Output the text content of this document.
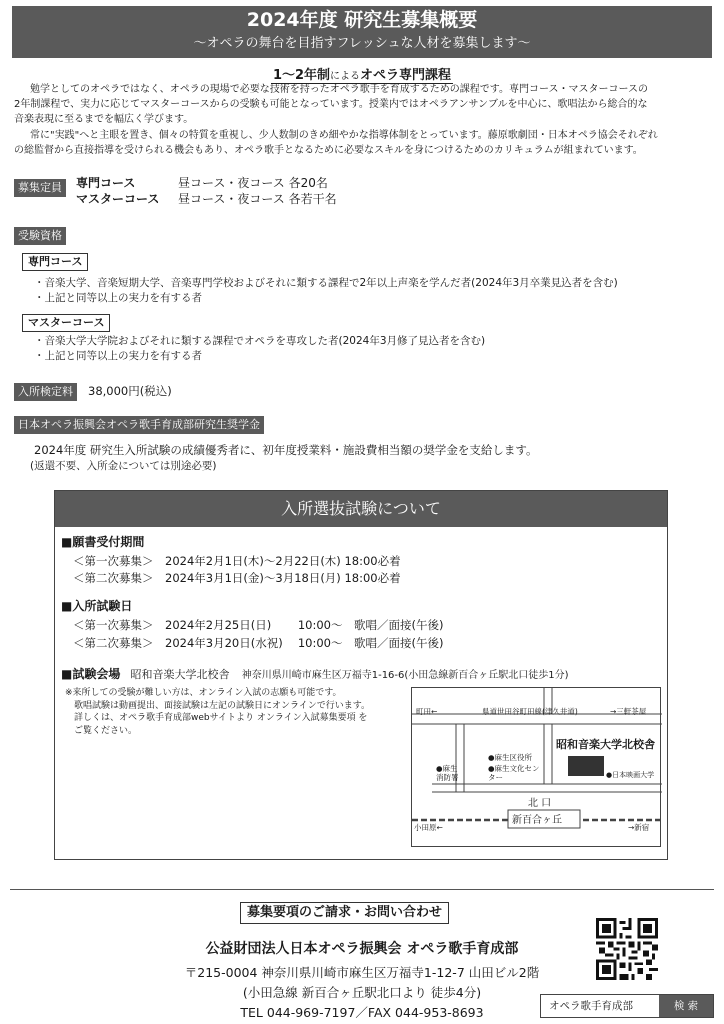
2024年度 研究生募集概要
～オペラの舞台を目指すフレッシュな人材を募集します～
1～2年制によるオペラ専門課程

勉学としてのオペラではなく、オペラの現場で必要な技術を持ったオペラ歌手を育成するための課程です。専門コース・マスターコースの

2年制課程で、実力に応じてマスターコースからの受験も可能となっています。授業内ではオペラアンサンブルを中心に、歌唱法から総合的な

音楽表現に至るまでを幅広く学びます。

常に"実践"へと主眼を置き、個々の特質を重視し、少人数制のきめ細やかな指導体制をとっています。藤原歌劇団・日本オペラ協会それぞれ

の総監督から直接指導を受けられる機会もあり、オペラ歌手となるために必要なスキルを身につけるためのカリキュラムが組まれています。

募集定員	専門コース	昼コース・夜コース 各20名
マスターコース 昼コース・夜コース 各若干名
受験資格
専門コース
・音楽大学、音楽短期大学、音楽専門学校およびそれに類する課程で2年以上声楽を学んだ者(2024年3月卒業見込者を含む)
・上記と同等以上の実力を有する者
マスターコース
・音楽大学大学院およびそれに類する課程でオペラを専攻した者(2024年3月修了見込者を含む)
・上記と同等以上の実力を有する者
入所検定料	38,000円(税込)
日本オペラ振興会オペラ歌手育成部研究生奨学金
2024年度 研究生入所試験の成績優秀者に、初年度授業料・施設費相当額の奨学金を支給します。
(返還不要、入所金については別途必要)
入所選抜試験について
■願書受付期間
＜第一次募集＞　2024年2月1日(木)～2月22日(木) 18:00必着
＜第二次募集＞　2024年3月1日(金)～3月18日(月) 18:00必着
■入所試験日
＜第一次募集＞　2024年2月25日(日)　　 10:00～　歌唱／面接(午後)
＜第二次募集＞　2024年3月20日(水祝)　 10:00～　歌唱／面接(午後)
■試験会場 昭和音楽大学北校舎 神奈川県川崎市麻生区万福寺1-16-6(小田急線新百合ヶ丘駅北口徒歩1分)
※来所しての受験が難しい方は、オンライン入試の志願も可能です。
　歌唱試験は動画提出、面接試験は左記の試験日にオンラインで行います。
　詳しくは、オペラ歌手育成部webサイトより オンライン入試募集要項 を
　ご覧ください。
町田←	県道世田谷町田線(津久井道)	→三軒茶屋
昭和音楽大学北校舎
●麻生区役所
●麻生文化センター
●麻生消防署	●日本映画大学
北 口
新百合ヶ丘
小田原←	→新宿
募集要項のご請求・お問い合わせ
公益財団法人日本オペラ振興会 オペラ歌手育成部
〒215-0004 神奈川県川崎市麻生区万福寺1-12-7 山田ビル2階
(小田急線 新百合ヶ丘駅北口より 徒歩4分)
TEL 044-969-7197／FAX 044-953-8693	オペラ歌手育成部	検 索
